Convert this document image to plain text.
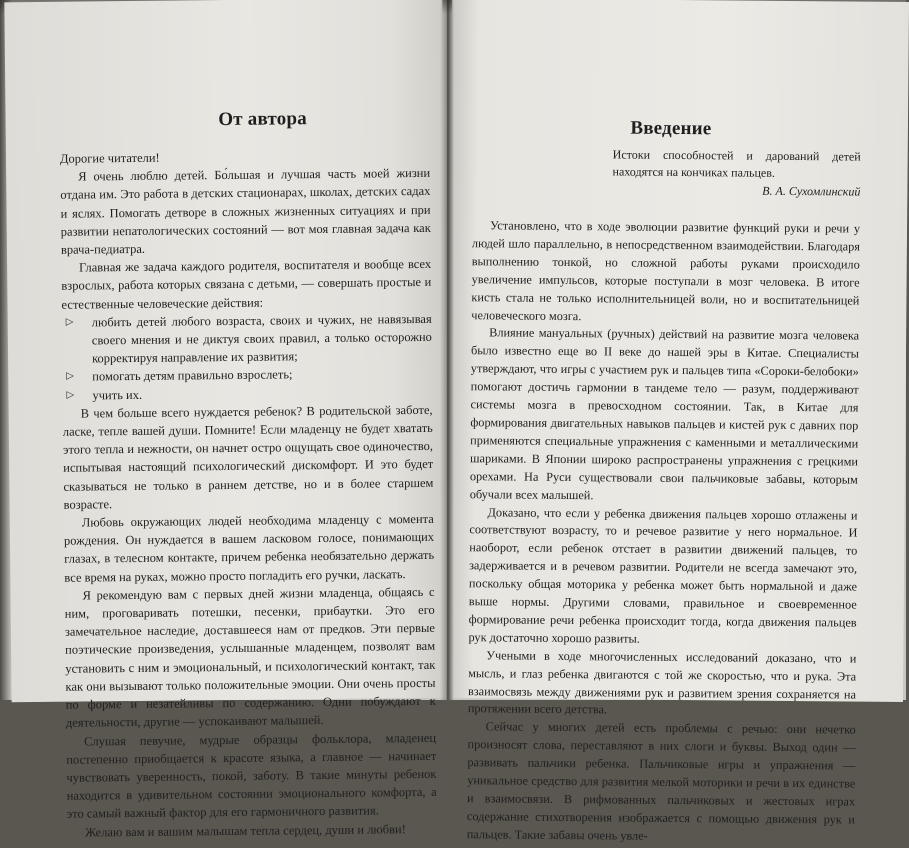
От автора

Дорогие читатели!

Я очень люблю детей. Бо́льшая и лучшая часть моей жизни отдана им. Это работа в детских стационарах, школах, детских садах и яслях. Помогать детворе в сложных жизненных ситуациях и при развитии непатологических состояний — вот моя главная задача как врача-педиатра.

Главная же задача каждого родителя, воспитателя и вообще всех взрослых, работа которых связана с детьми, — совершать простые и естественные человеческие действия:

▷ любить детей любого возраста, своих и чужих, не навязывая своего мнения и не диктуя своих правил, а только осторожно корректируя направление их развития;
▷ помогать детям правильно взрослеть;
▷ учить их.

В чем больше всего нуждается ребенок? В родительской заботе, ласке, тепле вашей души. Помните! Если младенцу не будет хватать этого тепла и нежности, он начнет остро ощущать свое одиночество, испытывая настоящий психологический дискомфорт. И это будет сказываться не только в раннем детстве, но и в более старшем возрасте.

Любовь окружающих людей необходима младенцу с момента рождения. Он нуждается в вашем ласковом голосе, понимающих глазах, в телесном контакте, причем ребенка необязательно держать все время на руках, можно просто погладить его ручки, ласкать.

Я рекомендую вам с первых дней жизни младенца, общаясь с ним, проговаривать потешки, песенки, прибаутки. Это его замечательное наследие, доставшееся нам от предков. Эти первые поэтические произведения, услышанные младенцем, позволят вам установить с ним и эмоциональный, и психологический контакт, так как они вызывают только положительные эмоции. Они очень просты по форме и незатейливы по содержанию. Одни побуждают к деятельности, другие — успокаивают малышей.

Слушая певучие, мудрые образцы фольклора, младенец постепенно приобщается к красоте языка, а главное — начинает чувствовать уверенность, покой, заботу. В такие минуты ребенок находится в удивительном состоянии эмоционального комфорта, а это самый важный фактор для его гармоничного развития.

Желаю вам и вашим малышам тепла сердец, души и любви!

Введение
Истоки способностей и дарований детей находятся на кончиках пальцев.
В. А. Сухомлинский

Установлено, что в ходе эволюции развитие функций руки и речи у людей шло параллельно, в непосредственном взаимодействии. Благодаря выполнению тонкой, но сложной работы руками происходило увеличение импульсов, которые поступали в мозг человека. В итоге кисть стала не только исполнительницей воли, но и воспитательницей человеческого мозга.

Влияние мануальных (ручных) действий на развитие мозга человека было известно еще во II веке до нашей эры в Китае. Специалисты утверждают, что игры с участием рук и пальцев типа «Сороки-белобоки» помогают достичь гармонии в тандеме тело — разум, поддерживают системы мозга в превосходном состоянии. Так, в Китае для формирования двигательных навыков пальцев и кистей рук с давних пор применяются специальные упражнения с каменными и металлическими шариками. В Японии широко распространены упражнения с грецкими орехами. На Руси существовали свои пальчиковые забавы, которым обучали всех малышей.

Доказано, что если у ребенка движения пальцев хорошо отлажены и соответствуют возрасту, то и речевое развитие у него нормальное. И наоборот, если ребенок отстает в развитии движений пальцев, то задерживается и в речевом развитии. Родители не всегда замечают это, поскольку общая моторика у ребенка может быть нормальной и даже выше нормы. Другими словами, правильное и своевременное формирование речи ребенка происходит тогда, когда движения пальцев рук достаточно хорошо развиты.

Учеными в ходе многочисленных исследований доказано, что и мысль, и глаз ребенка двигаются с той же скоростью, что и рука. Эта взаимосвязь между движениями рук и развитием зрения сохраняется на протяжении всего детства.

Сейчас у многих детей есть проблемы с речью: они нечетко произносят слова, переставляют в них слоги и буквы. Выход один — развивать пальчики ребенка. Пальчиковые игры и упражнения — уникальное средство для развития мелкой моторики и речи в их единстве и взаимосвязи. В рифмованных пальчиковых и жестовых играх содержание стихотворения изображается с помощью движения рук и пальцев. Такие забавы очень увле-
